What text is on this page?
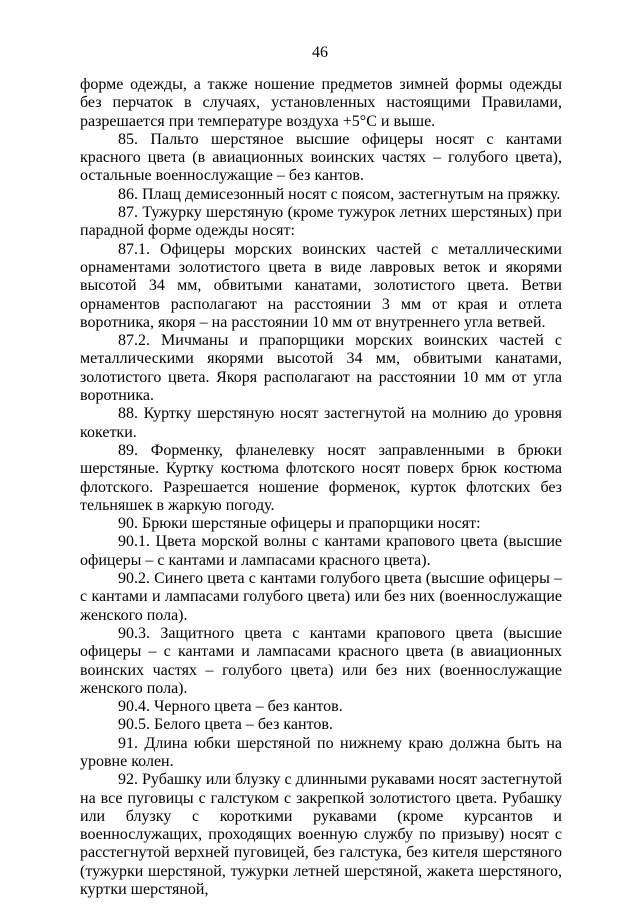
46

форме одежды, а также ношение предметов зимней формы одежды без перчаток в случаях, установленных настоящими Правилами, разрешается при температуре воздуха +5°С и выше.

85. Пальто шерстяное высшие офицеры носят с кантами красного цвета (в авиационных воинских частях – голубого цвета), остальные военнослужащие – без кантов.

86. Плащ демисезонный носят с поясом, застегнутым на пряжку.

87. Тужурку шерстяную (кроме тужурок летних шерстяных) при парадной форме одежды носят:

87.1. Офицеры морских воинских частей с металлическими орнаментами золотистого цвета в виде лавровых веток и якорями высотой 34 мм, обвитыми канатами, золотистого цвета. Ветви орнаментов располагают на расстоянии 3 мм от края и отлета воротника, якоря – на расстоянии 10 мм от внутреннего угла ветвей.

87.2. Мичманы и прапорщики морских воинских частей с металлическими якорями высотой 34 мм, обвитыми канатами, золотистого цвета. Якоря располагают на расстоянии 10 мм от угла воротника.

88. Куртку шерстяную носят застегнутой на молнию до уровня кокетки.

89. Форменку, фланелевку носят заправленными в брюки шерстяные. Куртку костюма флотского носят поверх брюк костюма флотского. Разрешается ношение форменок, курток флотских без тельняшек в жаркую погоду.

90. Брюки шерстяные офицеры и прапорщики носят:

90.1. Цвета морской волны с кантами крапового цвета (высшие офицеры – с кантами и лампасами красного цвета).

90.2. Синего цвета с кантами голубого цвета (высшие офицеры – с кантами и лампасами голубого цвета) или без них (военнослужащие женского пола).

90.3. Защитного цвета с кантами крапового цвета (высшие офицеры – с кантами и лампасами красного цвета (в авиационных воинских частях – голубого цвета) или без них (военнослужащие женского пола).

90.4. Черного цвета – без кантов.

90.5. Белого цвета – без кантов.

91. Длина юбки шерстяной по нижнему краю должна быть на уровне колен.

92. Рубашку или блузку с длинными рукавами носят застегнутой на все пуговицы с галстуком с закрепкой золотистого цвета. Рубашку или блузку с короткими рукавами (кроме курсантов и военнослужащих, проходящих военную службу по призыву) носят с расстегнутой верхней пуговицей, без галстука, без кителя шерстяного (тужурки шерстяной, тужурки летней шерстяной, жакета шерстяного, куртки шерстяной,
